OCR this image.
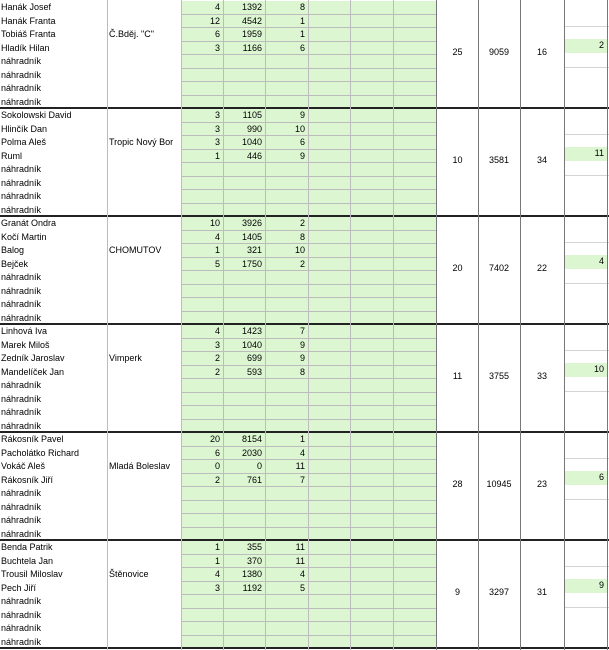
Hanák Josef	4	1392	8
Hanák Franta	12	4542	1
Tobiáš Franta	Č.Bděj. "C"	6	1959	1
Hladík Hilan	3	1166	6
náhradník
náhradník
náhradník
náhradník
25	9059	16
2
Sokolowski David	3	1105	9
Hlinčík Dan	3	990	10
Polma Aleš	Tropic Nový Bor	3	1040	6
Ruml	1	446	9
náhradník
náhradník
náhradník
náhradník
10	3581	34
11
Granát Ondra	10	3926	2
Kočí Martin	4	1405	8
Balog	CHOMUTOV	1	321	10
Bejček	5	1750	2
náhradník
náhradník
náhradník
náhradník
20	7402	22
4
Linhová Iva	4	1423	7
Marek Miloš	3	1040	9
Zedník Jaroslav	Vimperk	2	699	9
Mandelíček Jan	2	593	8
náhradník
náhradník
náhradník
náhradník
11	3755	33
10
Rákosník Pavel	20	8154	1
Pacholátko Richard	6	2030	4
Vokáč Aleš	Mladá Boleslav	0	0	11
Rákosník Jiří	2	761	7
náhradník
náhradník
náhradník
náhradník
28	10945	23
6
Benda Patrik	1	355	11
Buchtela Jan	1	370	11
Trousil Miloslav	Štěnovice	4	1380	4
Pech Jiří	3	1192	5
náhradník
náhradník
náhradník
náhradník
9	3297	31
9
